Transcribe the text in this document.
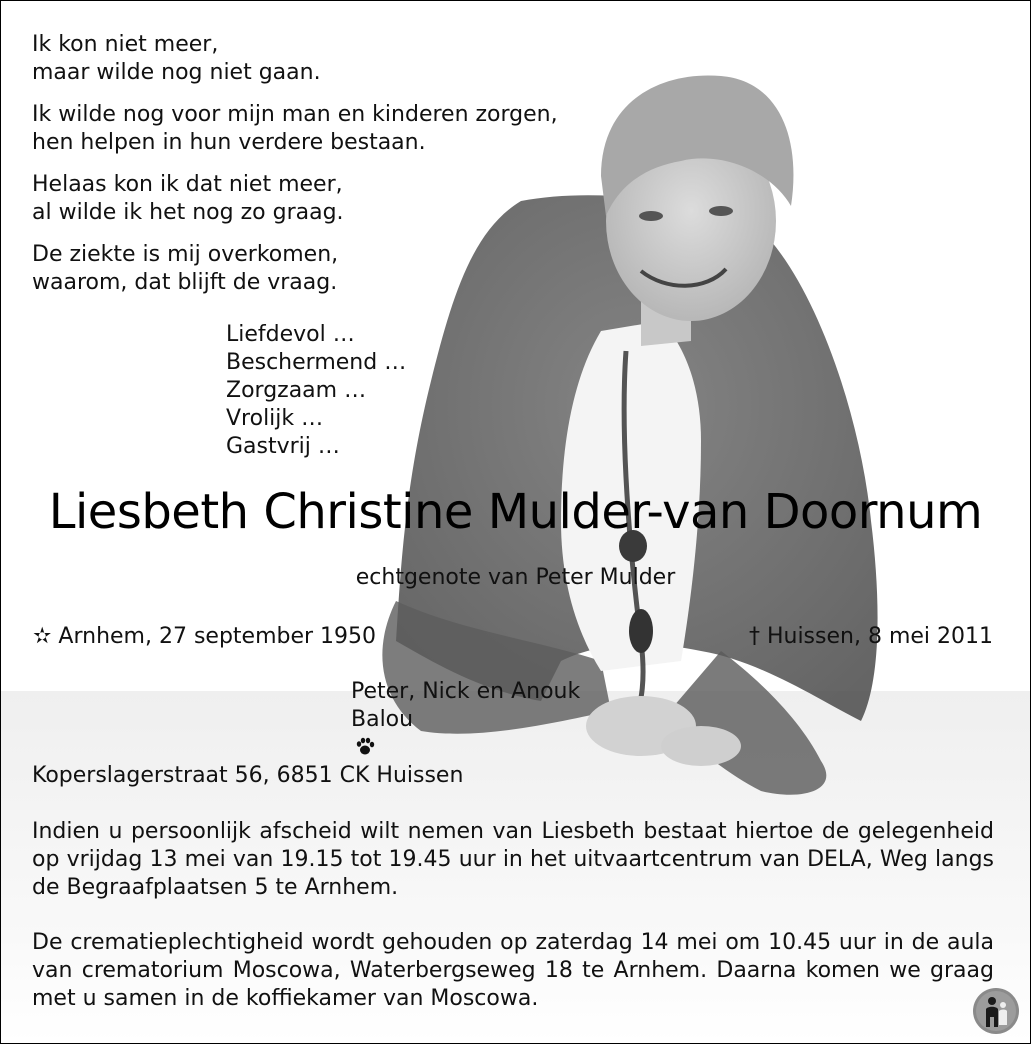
Ik kon niet meer,
maar wilde nog niet gaan.

Ik wilde nog voor mijn man en kinderen zorgen,
hen helpen in hun verdere bestaan.

Helaas kon ik dat niet meer,
al wilde ik het nog zo graag.

De ziekte is mij overkomen,
waarom, dat blijft de vraag.

Liefdevol …
Beschermend …
Zorgzaam …
Vrolijk …
Gastvrij …
Liesbeth Christine Mulder-van Doornum
echtgenote van Peter Mulder
✫ Arnhem, 27 september 1950	† Huissen, 8 mei 2011
Peter, Nick en Anouk
Balou
Koperslagerstraat 56, 6851 CK Huissen

Indien u persoonlijk afscheid wilt nemen van Liesbeth bestaat hiertoe de gelegenheid op vrijdag 13 mei van 19.15 tot 19.45 uur in het uitvaartcentrum van DELA, Weg langs de Begraafplaatsen 5 te Arnhem.

De crematieplechtigheid wordt gehouden op zaterdag 14 mei om 10.45 uur in de aula van crematorium Moscowa, Waterbergseweg 18 te Arnhem. Daarna komen we graag met u samen in de koffiekamer van Moscowa.
